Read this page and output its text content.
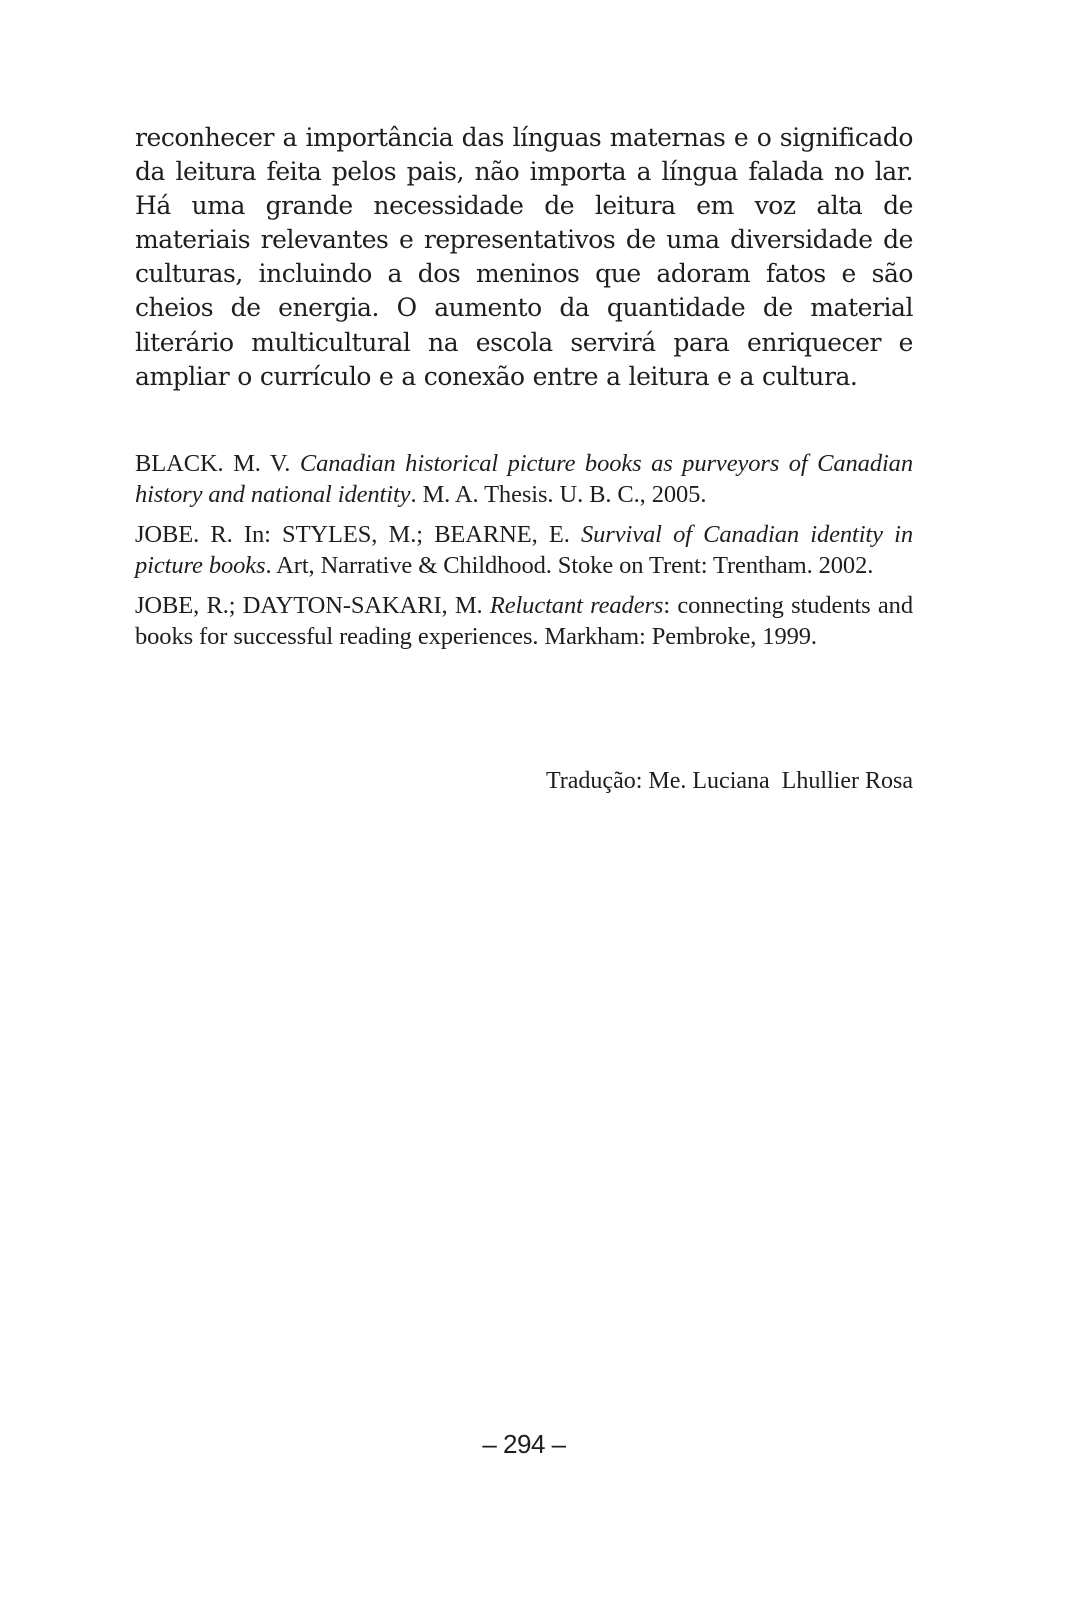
reconhecer a importância das línguas maternas e o significado da leitura feita pelos pais, não importa a língua falada no lar. Há uma grande necessidade de leitura em voz alta de materiais relevantes e representativos de uma diversidade de culturas, incluindo a dos meninos que adoram fatos e são cheios de energia. O aumento da quantidade de material literário multicultural na escola servirá para enriquecer e ampliar o currículo e a conexão entre a leitura e a cultura.

BLACK. M. V. Canadian historical picture books as purveyors of Canadian history and national identity. M. A. Thesis. U. B. C., 2005.

JOBE. R. In: STYLES, M.; BEARNE, E. Survival of Canadian identity in picture books. Art, Narrative & Childhood. Stoke on Trent: Trentham. 2002.

JOBE, R.; DAYTON-SAKARI, M. Reluctant readers: connecting students and books for successful reading experiences. Markham: Pembroke, 1999.

Tradução: Me. Luciana  Lhullier Rosa

– 294 –
